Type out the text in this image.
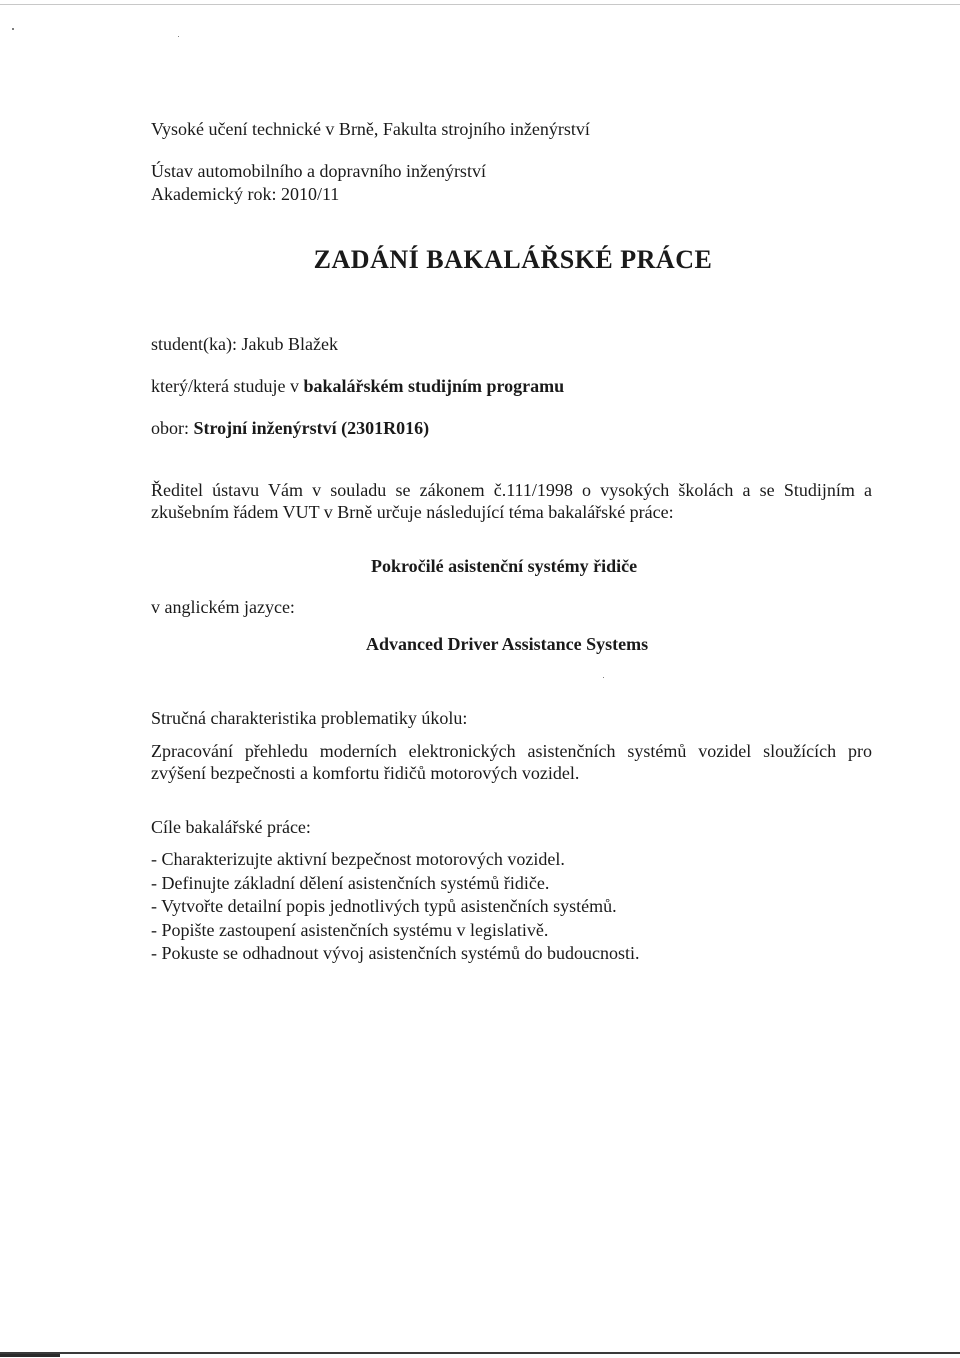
Vysoké učení technické v Brně, Fakulta strojního inženýrství
Ústav automobilního a dopravního inženýrství
Akademický rok: 2010/11
ZADÁNÍ BAKALÁŘSKÉ PRÁCE
student(ka): Jakub Blažek
který/která studuje v bakalářském studijním programu
obor: Strojní inženýrství (2301R016)
Ředitel ústavu Vám v souladu se zákonem č.111/1998 o vysokých školách a se Studijním a
zkušebním řádem VUT v Brně určuje následující téma bakalářské práce:
Pokročilé asistenční systémy řidiče
v anglickém jazyce:
Advanced Driver Assistance Systems
Stručná charakteristika problematiky úkolu:
Zpracování přehledu moderních elektronických asistenčních systémů vozidel sloužících pro
zvýšení bezpečnosti a komfortu řidičů motorových vozidel.
Cíle bakalářské práce:
- Charakterizujte aktivní bezpečnost motorových vozidel.
- Definujte základní dělení asistenčních systémů řidiče.
- Vytvořte detailní popis jednotlivých typů asistenčních systémů.
- Popište zastoupení asistenčních systému v legislativě.
- Pokuste se odhadnout vývoj asistenčních systémů do budoucnosti.
